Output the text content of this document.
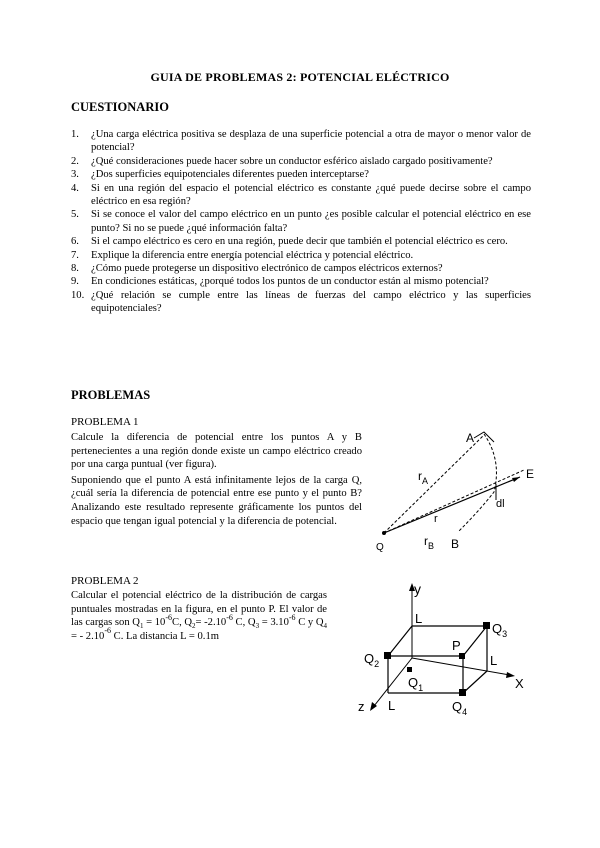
GUIA DE PROBLEMAS 2: POTENCIAL ELÉCTRICO
CUESTIONARIO
1.	¿Una carga eléctrica positiva se desplaza de una superficie potencial a otra de mayor o menor valor de potencial?
2.	¿Qué consideraciones puede hacer sobre un conductor esférico aislado cargado positivamente?
3.	¿Dos superficies equipotenciales diferentes pueden interceptarse?
4.	Si en una región del espacio el potencial eléctrico es constante ¿qué puede decirse sobre el campo eléctrico en esa región?
5.	Si se conoce el valor del campo eléctrico en un punto ¿es posible calcular el potencial eléctrico en ese punto? Si no se puede ¿qué información falta?
6.	Si el campo eléctrico es cero en una región, puede decir que también el potencial eléctrico es cero.
7.	Explique la diferencia entre energía potencial eléctrica y potencial eléctrico.
8.	¿Cómo puede protegerse un dispositivo electrónico de campos eléctricos externos?
9.	En condiciones estáticas, ¿porqué todos los puntos de un conductor están al mismo potencial?
10. ¿Qué relación se cumple entre las líneas de fuerzas del campo eléctrico y las superficies equipotenciales?
PROBLEMAS
PROBLEMA 1

Calcule la diferencia de potencial entre los puntos A y B pertenecientes a una región donde existe un campo eléctrico creado por una carga puntual (ver figura).

Suponiendo que el punto A está infinitamente lejos de la carga Q, ¿cuál sería la diferencia de potencial entre ese punto y el punto B? Analizando este resultado represente gráficamente los puntos del espacio que tengan igual potencial y la diferencia de potencial.

A
E
$r_A$
r
dl
Q	$r_B$ B
PROBLEMA 2
Calcular el potencial eléctrico de la distribución de cargas puntuales mostradas en la figura, en el punto P. El valor de las cargas son $Q_1 = 10^{-6}C$, $Q_2= -2.10^{-6}$ C, $Q_3 = 3.10^{-6}$ C y $Q_4$ = - $2.10^{-6}$ C. La distancia L = 0.1m
y
X
z
L
L
L
P
$Q_1$
$Q_2$
$Q_3$
$Q_4$
